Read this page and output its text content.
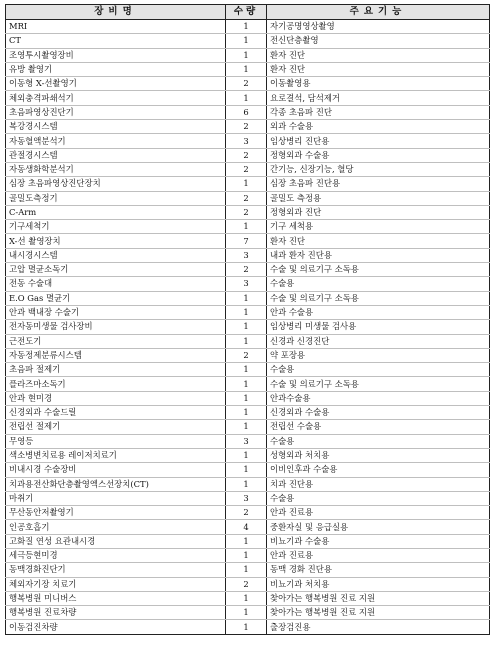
장비명	수량	주요기능
MRI	1	자기공명영상촬영
CT	1	전신단층촬영
조영투시촬영장비	1	환자 진단
유방 촬영기	1	환자 진단
이동형 X-선촬영기	2	이동촬영용
체외충격파쇄석기	1	요로결석, 담석제거
초음파영상진단기	6	각종 초음파 진단
복강경시스템	2	외과 수술용
자동혈액분석기	3	임상병리 진단용
관절경시스템	2	정형외과 수술용
자동생화학분석기	2	간기능, 신장기능, 혈당
심장 초음파영상진단장치	1	심장 초음파 진단용
골밀도측정기	2	골밀도 측정용
C-Arm	2	정형외과 진단
기구세척기	1	기구 세척용
X-선 촬영장치	7	환자 진단
내시경시스템	3	내과 환자 진단용
고압 멸균소독기	2	수술 및 의료기구 소독용
전동 수술대	3	수술용
E.O Gas 멸균기	1	수술 및 의료기구 소독용
안과 백내장 수술기	1	안과 수술용
전자동미생물 검사장비	1	임상병리 미생물 검사용
근전도기	1	신경과 신경진단
자동정제분류시스템	2	약 포장용
초음파 절제기	1	수술용
플라즈마소독기	1	수술 및 의료기구 소독용
안과 현미경	1	안과수술용
신경외과 수술드릴	1	신경외과 수술용
전립선 절제기	1	전립선 수술용
무영등	3	수술용
색소병변치료용 레이저치료기	1	성형외과 처치용
비내시경 수술장비	1	이비인후과 수술용
치과용전산화단층촬영엑스선장치(CT)	1	치과 진단용
마취기	3	수술용
무산동안저촬영기	2	안과 진료용
인공호흡기	4	중환자실 및 응급실용
고화질 연성 요관내시경	1	비뇨기과 수술용
세극등현미경	1	안과 진료용
동맥경화진단기	1	동맥 경화 진단용
체외자기장 치료기	2	비뇨기과 처치용
행복병원 미니버스	1	찾아가는 행복병원 진료 지원
행복병원 진료차량	1	찾아가는 행복병원 진료 지원
이동검진차량	1	출장검진용
